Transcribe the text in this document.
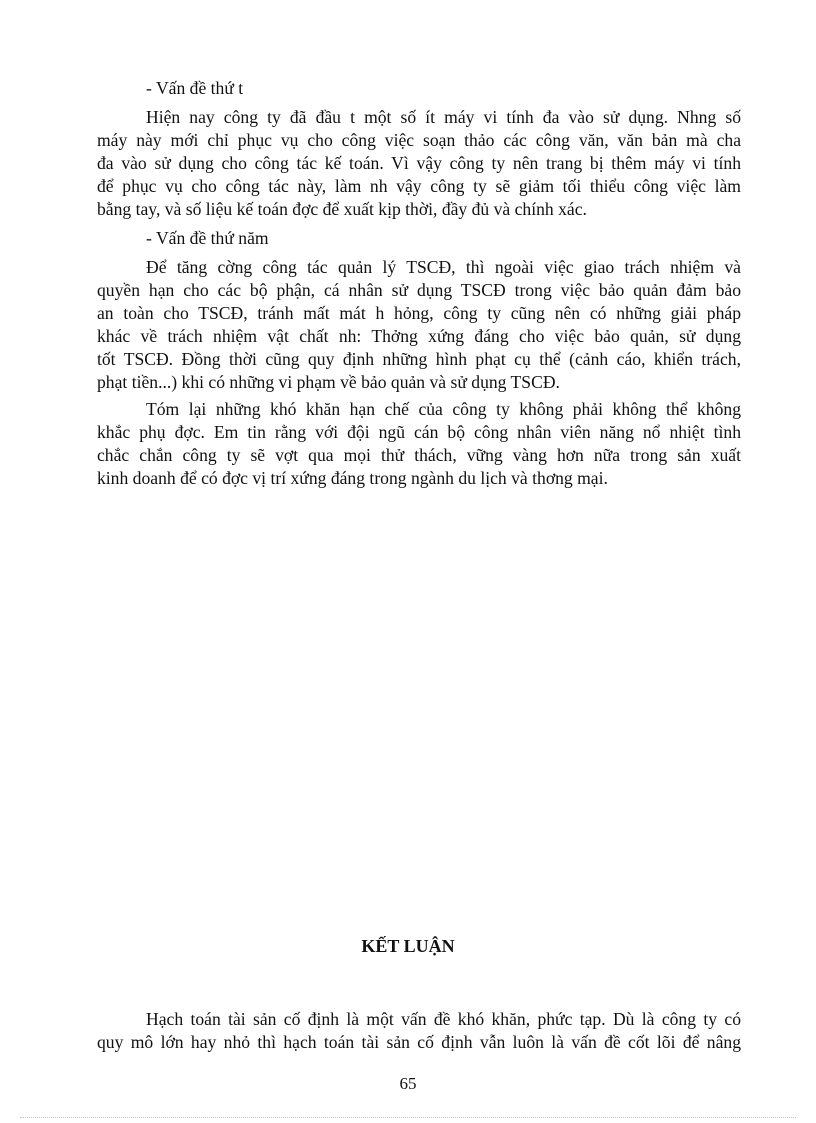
- Vấn đề thứ t
Hiện nay công ty đã đầu t một số ít máy vi tính đa vào sử dụng. Nhng số
máy này mới chỉ phục vụ cho công việc soạn thảo các công văn, văn bản mà cha
đa vào sử dụng cho công tác kế toán. Vì vậy công ty nên trang bị thêm máy vi tính
để phục vụ cho công tác này, làm nh vậy công ty sẽ giảm tối thiểu công việc làm
bằng tay, và số liệu kế toán đợc để xuất kịp thời, đầy đủ và chính xác.
- Vấn đề thứ năm
Để tăng cờng công tác quản lý TSCĐ, thì ngoài việc giao trách nhiệm và
quyền hạn cho các bộ phận, cá nhân sử dụng TSCĐ trong việc bảo quản đảm bảo
an toàn cho TSCĐ, tránh mất mát h hỏng, công ty cũng nên có những giải pháp
khác về trách nhiệm vật chất nh: Thởng xứng đáng cho việc bảo quản, sử dụng
tốt TSCĐ. Đồng thời cũng quy định những hình phạt cụ thể (cảnh cáo, khiển trách,
phạt tiền...) khi có những vi phạm về bảo quản và sử dụng TSCĐ.
Tóm lại những khó khăn hạn chế của công ty không phải không thể không
khắc phụ đợc. Em tin rằng với đội ngũ cán bộ công nhân viên năng nổ nhiệt tình
chắc chắn công ty sẽ vợt qua mọi thử thách, vững vàng hơn nữa trong sản xuất
kinh doanh để có đợc vị trí xứng đáng trong ngành du lịch và thơng mại.
KẾT LUẬN
Hạch toán tài sản cố định là một vấn đề khó khăn, phức tạp. Dù là công ty có
quy mô lớn hay nhỏ thì hạch toán tài sản cố định vẫn luôn là vấn đề cốt lõi để nâng
65
